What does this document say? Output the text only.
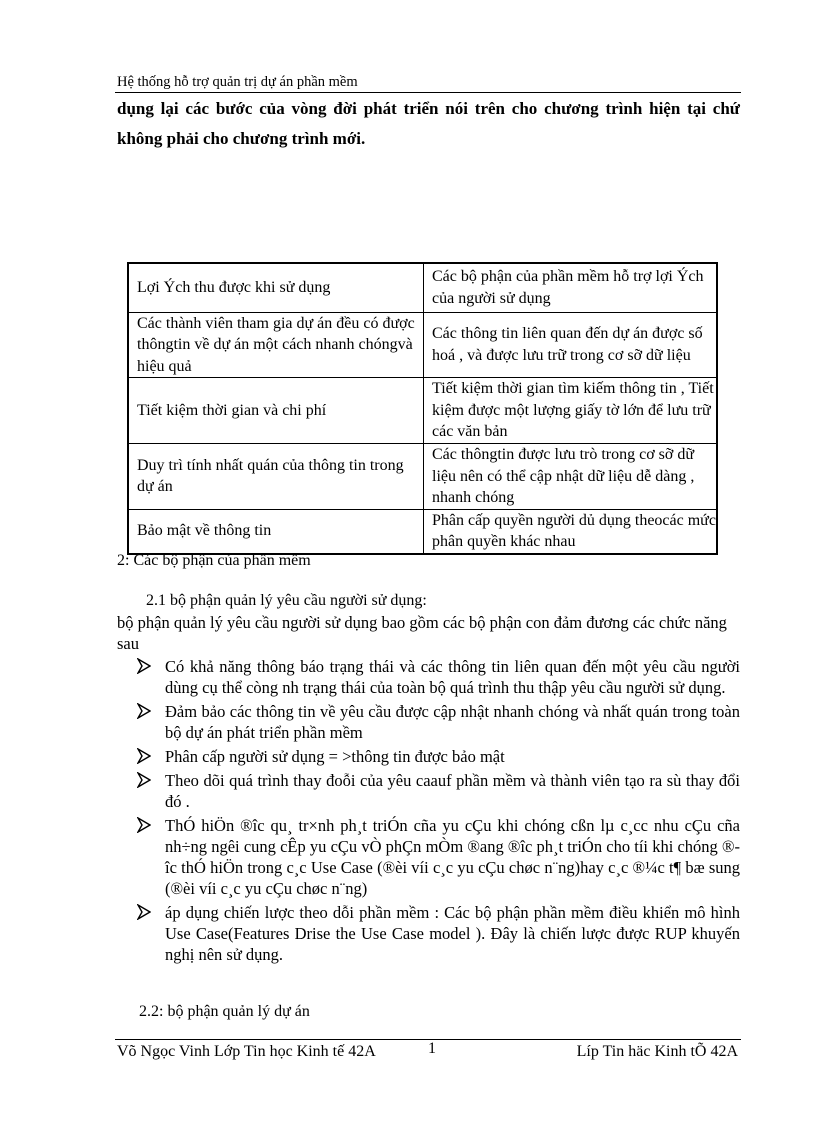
Hệ thống hỗ trợ quản trị dự án phần mềm
dụng lại các bước của vòng đời phát triển nói trên cho chương trình hiện tại chứ
không phải cho chương trình mới.
Lợi Ých thu được khi sử dụng	Các bộ phận của phần mềm hỗ trợ lợi Ých của người sử dụng
Các thành viên tham gia dự án đều có được thôngtin về dự án một cách nhanh chóngvà hiệu quả	Các thông tin liên quan đến dự án được số hoá , và được lưu trữ trong cơ sỡ dữ liệu
Tiết kiệm thời gian và chi phí	Tiết kiệm thời gian tìm kiếm thông tin , Tiết kiệm được một lượng giấy tờ lớn để lưu trữ các văn bản
Duy trì tính nhất quán của thông tin trong dự án	Các thôngtin được lưu trò trong cơ sỡ dữ liệu nên có thể cập nhật dữ liệu dễ dàng , nhanh chóng
Bảo mật về thông tin	Phân cấp quyền người dủ dụng theocác mức phân quyền khác nhau
2: Các bộ phận của phần mềm
2.1 bộ phận quản lý yêu cầu người sử dụng:
bộ phận quản lý yêu cầu người sử dụng bao gồm các bộ phận con đảm đương các chức năng sau
Có khả năng thông báo trạng thái và các thông tin liên quan đến một yêu cầu người dùng cụ thể còng nh trạng thái của toàn bộ quá trình thu thập yêu cầu người sử dụng.
Đảm bảo các thông tin về yêu cầu được cập nhật nhanh chóng và nhất quán trong toàn bộ dự án phát triển phần mềm
Phân cấp người sử dụng = >thông tin được bảo mật
Theo dõi quá trình thay đoỗi của yêu caauf phần mềm và thành viên tạo ra sù thay đổi đó .
ThÓ hiÖn ®îc qu¸ tr×nh ph¸t triÓn cña yu cÇu khi chóng cßn lµ c¸cc nhu cÇu cña nh÷ng ngêi cung cÊp yu cÇu vÒ phÇn mÒm ®ang ®îc ph¸t triÓn cho tíi khi chóng ®îc thÓ hiÖn trong c¸c Use Case (®èi víi c¸c yu cÇu chøc n¨ng)hay c¸c ®¼c t¶ bæ sung (®èi víi c¸c yu cÇu chøc n¨ng)
áp dụng chiến lược theo dỗi phần mềm : Các bộ phận phần mềm điều khiển mô hình Use Case(Features Drise the Use Case model ). Đây là chiến lược được RUP khuyến nghị nên sử dụng.
2.2: bộ phận quản lý dự án
Võ Ngọc Vinh Lớp Tin học Kinh tế 42A	1	Líp Tin häc Kinh tÕ 42A
